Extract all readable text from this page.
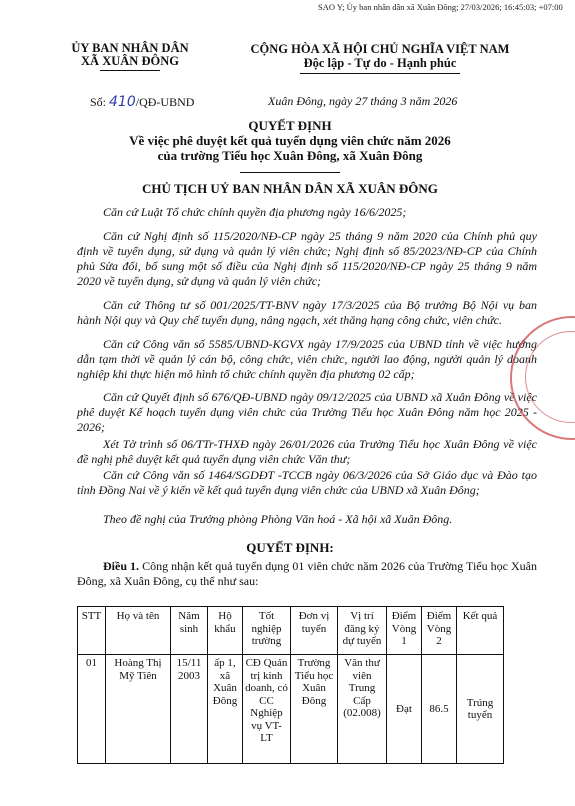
SAO Y; Ủy ban nhân dân xã Xuân Đông; 27/03/2026; 16:45:03; +07:00
ỦY BAN NHÂN DÂN
XÃ XUÂN ĐÔNG
CỘNG HÒA XÃ HỘI CHỦ NGHĨA VIỆT NAM
Độc lập - Tự do - Hạnh phúc
Số: 410/QĐ-UBND	Xuân Đông, ngày 27 tháng 3 năm 2026
QUYẾT ĐỊNH
Về việc phê duyệt kết quả tuyển dụng viên chức năm 2026
của trường Tiểu học Xuân Đông, xã Xuân Đông
CHỦ TỊCH UỶ BAN NHÂN DÂN XÃ XUÂN ĐÔNG
Căn cứ Luật Tổ chức chính quyền địa phương ngày 16/6/2025;
Căn cứ Nghị định số 115/2020/NĐ-CP ngày 25 tháng 9 năm 2020 của Chính phủ quy định về tuyển dụng, sử dụng và quản lý viên chức; Nghị định số 85/2023/NĐ-CP của Chính phủ Sửa đổi, bổ sung một số điều của Nghị định số 115/2020/NĐ-CP ngày 25 tháng 9 năm 2020 về tuyển dụng, sử dụng và quản lý viên chức;
Căn cứ Thông tư số 001/2025/TT-BNV ngày 17/3/2025 của Bộ trưởng Bộ Nội vụ ban hành Nội quy và Quy chế tuyển dụng, nâng ngạch, xét thăng hạng công chức, viên chức.
Căn cứ Công văn số 5585/UBND-KGVX ngày 17/9/2025 của UBND tỉnh về việc hướng dẫn tạm thời về quản lý cán bộ, công chức, viên chức, người lao động, người quản lý doanh nghiệp khi thực hiện mô hình tổ chức chính quyền địa phương 02 cấp;
Căn cứ Quyết định số 676/QĐ-UBND ngày 09/12/2025 của UBND xã Xuân Đông về việc phê duyệt Kế hoạch tuyển dụng viên chức của Trường Tiểu học Xuân Đông năm học 2025 - 2026;
Xét Tờ trình số 06/TTr-THXĐ ngày 26/01/2026 của Trường Tiểu học Xuân Đông về việc đề nghị phê duyệt kết quả tuyển dụng viên chức Văn thư;
Căn cứ Công văn số 1464/SGDĐT -TCCB ngày 06/3/2026 của Sở Giáo dục và Đào tạo tỉnh Đồng Nai về ý kiến về kết quả tuyển dụng viên chức của UBND xã Xuân Đông;
Theo đề nghị của Trưởng phòng Phòng Văn hoá - Xã hội xã Xuân Đông.
QUYẾT ĐỊNH:
Điều 1. Công nhận kết quả tuyển dụng 01 viên chức năm 2026 của Trường Tiểu học Xuân Đông, xã Xuân Đông, cụ thể như sau:
STT	Họ và tên	Năm sinh	Hộ khẩu	Tốt nghiệp trường	Đơn vị tuyển	Vị trí đăng ký dự tuyển	Điểm Vòng 1	Điểm Vòng 2	Kết quả
01	Hoàng Thị Mỹ Tiên	15/11 2003	ấp 1, xã Xuân Đông	CĐ Quản trị kinh doanh, có CC Nghiệp vụ VT-LT	Trường Tiểu học Xuân Đông	Văn thư viên Trung Cấp (02.008)	Đạt	86.5	Trúng tuyển
